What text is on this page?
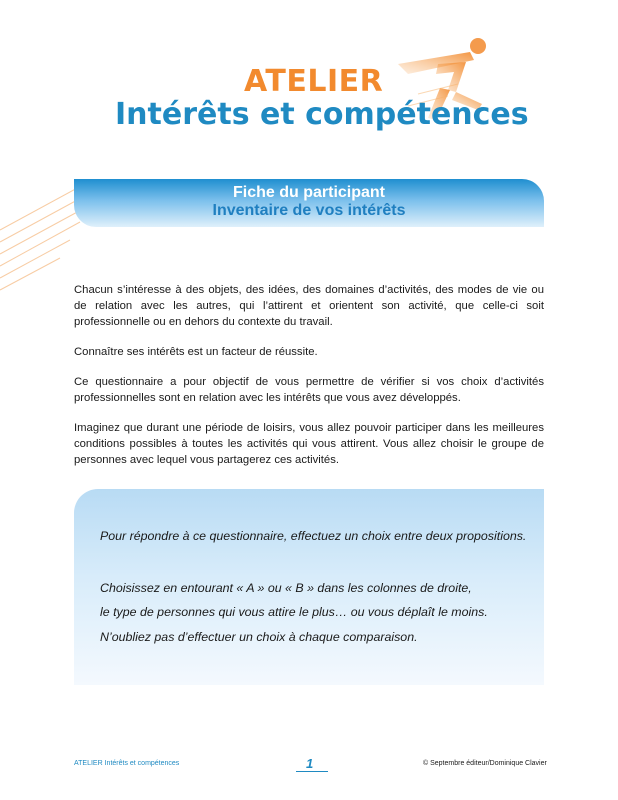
ATELIER
Intérêts et compétences
Fiche du participant
Inventaire de vos intérêts

Chacun s’intéresse à des objets, des idées, des domaines d’activités, des modes de vie ou de relation avec les autres, qui l’attirent et orientent son activité, que celle-ci soit professionnelle ou en dehors du contexte du travail.

Connaître ses intérêts est un facteur de réussite.

Ce questionnaire a pour objectif de vous permettre de vérifier si vos choix d’activités professionnelles sont en relation avec les intérêts que vous avez développés.

Imaginez que durant une période de loisirs, vous allez pouvoir participer dans les meilleures conditions possibles à toutes les activités qui vous attirent. Vous allez choisir le groupe de personnes avec lequel vous partagerez ces activités.

Pour répondre à ce questionnaire, effectuez un choix entre deux propositions.
Choisissez en entourant « A » ou « B » dans les colonnes de droite,
le type de personnes qui vous attire le plus… ou vous déplaît le moins.
N’oubliez pas d’effectuer un choix à chaque comparaison.
ATELIER Intérêts et compétences	1	© Septembre éditeur/Dominique Clavier
